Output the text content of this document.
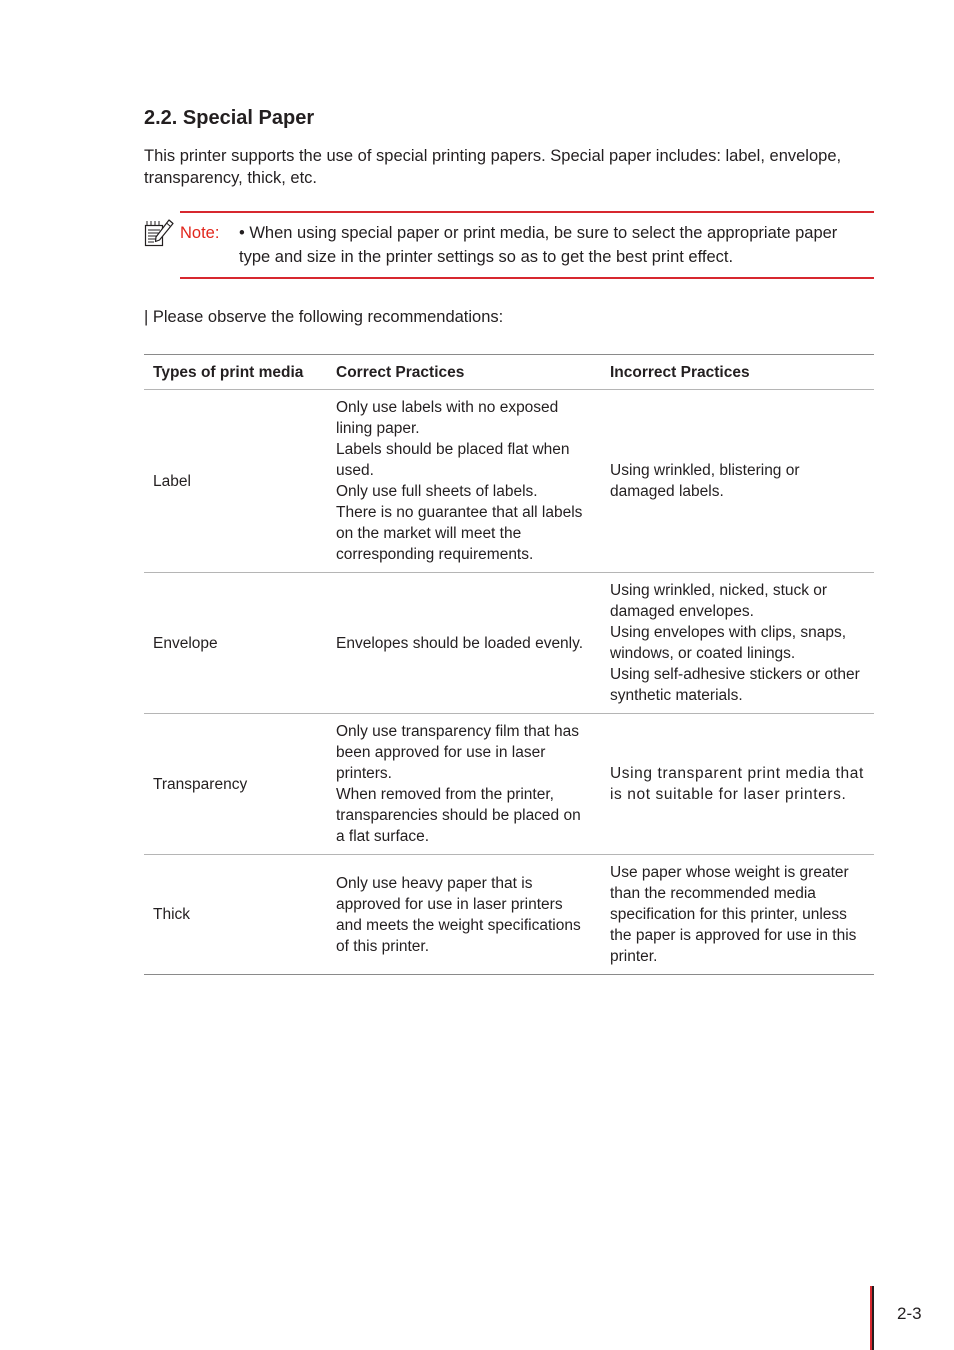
2.2. Special Paper

This printer supports the use of special printing papers. Special paper includes: label, envelope, transparency, thick, etc.

Note: • When using special paper or print media, be sure to select the appropriate paper type and size in the printer settings so as to get the best print effect.
| Please observe the following recommendations:
Types of print media	Correct Practices	Incorrect Practices
Label	Only use labels with no exposed lining paper.
Labels should be placed flat when used.
Only use full sheets of labels.
There is no guarantee that all labels on the market will meet the corresponding requirements.	Using wrinkled, blistering or damaged labels.

Envelope	Envelopes should be loaded evenly.	Using wrinkled, nicked, stuck or damaged envelopes.
Using envelopes with clips, snaps, windows, or coated linings.
Using self-adhesive stickers or other synthetic materials.

Transparency	Only use transparency film that has been approved for use in laser printers.
When removed from the printer, transparencies should be placed on a flat surface.	Using transparent print media that is not suitable for laser printers.

Thick	Only use heavy paper that is approved for use in laser printers and meets the weight specifications of this printer.	Use paper whose weight is greater than the recommended media specification for this printer, unless the paper is approved for use in this printer.
2-3
